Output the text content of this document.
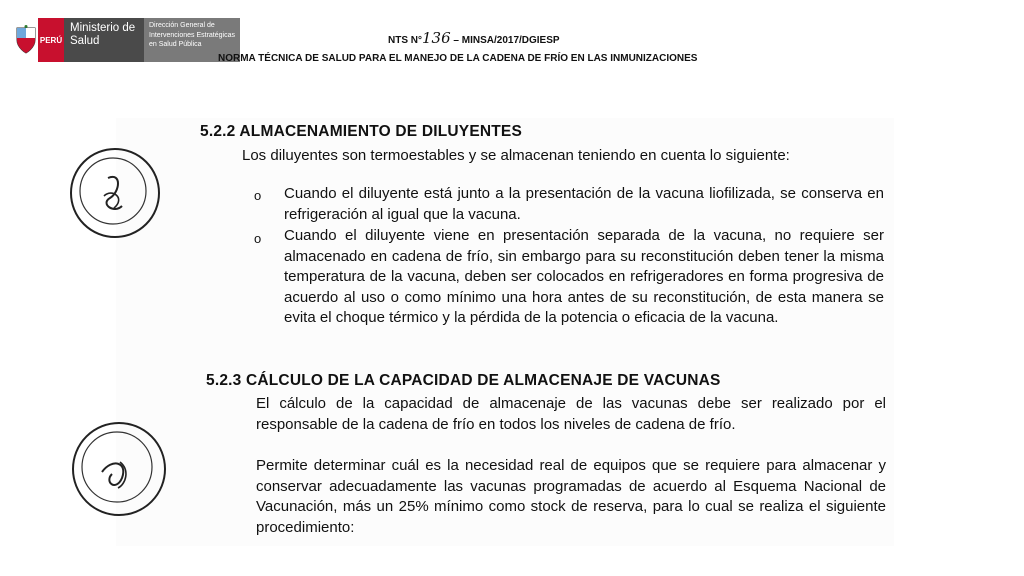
PERÚ
Ministerio de Salud
Dirección General de Intervenciones Estratégicas en Salud Pública	NTS N°136 – MINSA/2017/DGIESP
NORMA TÉCNICA DE SALUD PARA EL MANEJO DE LA CADENA DE FRÍO EN LAS INMUNIZACIONES
5.2.2 ALMACENAMIENTO DE DILUYENTES
Los diluyentes son termoestables y se almacenan teniendo en cuenta lo siguiente:
o Cuando el diluyente está junto a la presentación de la vacuna liofilizada, se conserva en refrigeración al igual que la vacuna.
o Cuando el diluyente viene en presentación separada de la vacuna, no requiere ser almacenado en cadena de frío, sin embargo para su reconstitución deben tener la misma temperatura de la vacuna, deben ser colocados en refrigeradores en forma progresiva de acuerdo al uso o como mínimo una hora antes de su reconstitución, de esta manera se evita el choque térmico y la pérdida de la potencia o eficacia de la vacuna.
5.2.3 CÁLCULO DE LA CAPACIDAD DE ALMACENAJE DE VACUNAS
El cálculo de la capacidad de almacenaje de las vacunas debe ser realizado por el responsable de la cadena de frío en todos los niveles de cadena de frío.
Permite determinar cuál es la necesidad real de equipos que se requiere para almacenar y conservar adecuadamente las vacunas programadas de acuerdo al Esquema Nacional de Vacunación, más un 25% mínimo como stock de reserva, para lo cual se realiza el siguiente procedimiento:
